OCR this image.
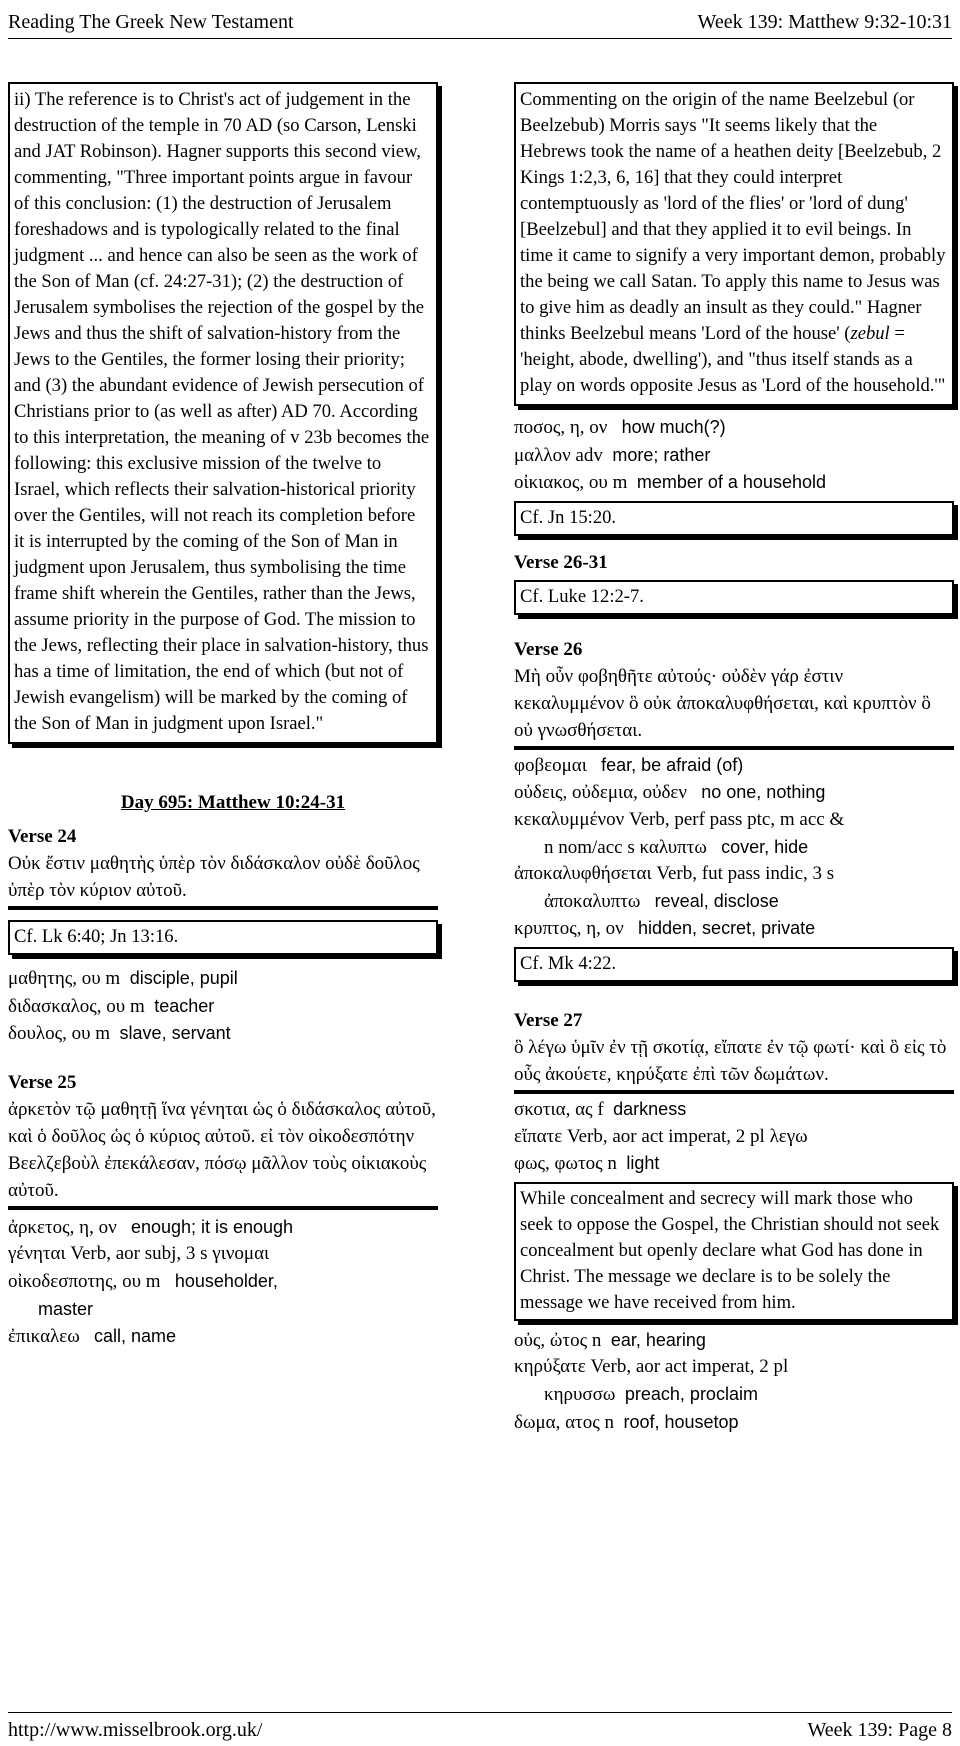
Reading The Greek New Testament	Week 139: Matthew 9:32-10:31
ii) The reference is to Christ's act of judgement in the destruction of the temple in 70 AD (so Carson, Lenski and JAT Robinson). Hagner supports this second view, commenting, "Three important points argue in favour of this conclusion: (1) the destruction of Jerusalem foreshadows and is typologically related to the final judgment ... and hence can also be seen as the work of the Son of Man (cf. 24:27-31); (2) the destruction of Jerusalem symbolises the rejection of the gospel by the Jews and thus the shift of salvation-history from the Jews to the Gentiles, the former losing their priority; and (3) the abundant evidence of Jewish persecution of Christians prior to (as well as after) AD 70. According to this interpretation, the meaning of v 23b becomes the following: this exclusive mission of the twelve to Israel, which reflects their salvation-historical priority over the Gentiles, will not reach its completion before it is interrupted by the coming of the Son of Man in judgment upon Jerusalem, thus symbolising the time frame shift wherein the Gentiles, rather than the Jews, assume priority in the purpose of God. The mission to the Jews, reflecting their place in salvation-history, thus has a time of limitation, the end of which (but not of Jewish evangelism) will be marked by the coming of the Son of Man in judgment upon Israel."
Day 695: Matthew 10:24-31
Verse 24
Οὐκ ἔστιν μαθητὴς ὑπὲρ τὸν διδάσκαλον οὐδὲ δοῦλος ὑπὲρ τὸν κύριον αὐτοῦ.
Cf. Lk 6:40; Jn 13:16.
μαθητης, ου m disciple, pupil
διδασκαλος, ου m teacher
δουλος, ου m slave, servant
Verse 25
ἀρκετὸν τῷ μαθητῇ ἵνα γένηται ὡς ὁ διδάσκαλος αὐτοῦ, καὶ ὁ δοῦλος ὡς ὁ κύριος αὐτοῦ. εἰ τὸν οἰκοδεσπότην Βεελζεβοὺλ ἐπεκάλεσαν, πόσῳ μᾶλλον τοὺς οἰκιακοὺς αὐτοῦ.
ἀρκετος, η, ον enough; it is enough
γένηται Verb, aor subj, 3 s γινομαι
οἰκοδεσποτης, ου m householder,
master
ἐπικαλεω call, name
Commenting on the origin of the name Beelzebul (or Beelzebub) Morris says "It seems likely that the Hebrews took the name of a heathen deity [Beelzebub, 2 Kings 1:2,3, 6, 16] that they could interpret contemptuously as 'lord of the flies' or 'lord of dung' [Beelzebul] and that they applied it to evil beings. In time it came to signify a very important demon, probably the being we call Satan. To apply this name to Jesus was to give him as deadly an insult as they could." Hagner thinks Beelzebul means 'Lord of the house' (zebul = 'height, abode, dwelling'), and "thus itself stands as a play on words opposite Jesus as 'Lord of the household.'"
ποσος, η, ον how much(?)
μαλλον adv more; rather
οἰκιακος, ου m member of a household
Cf. Jn 15:20.
Verse 26-31
Cf. Luke 12:2-7.
Verse 26
Μὴ οὖν φοβηθῆτε αὐτούς· οὐδὲν γάρ ἐστιν κεκαλυμμένον ὃ οὐκ ἀποκαλυφθήσεται, καὶ κρυπτὸν ὃ οὐ γνωσθήσεται.
φοβεομαι fear, be afraid (of)
οὐδεις, οὐδεμια, οὐδεν no one, nothing
κεκαλυμμένον Verb, perf pass ptc, m acc &
n nom/acc s καλυπτω cover, hide
ἀποκαλυφθήσεται Verb, fut pass indic, 3 s
ἀποκαλυπτω reveal, disclose
κρυπτος, η, ον hidden, secret, private
Cf. Mk 4:22.
Verse 27
ὃ λέγω ὑμῖν ἐν τῇ σκοτίᾳ, εἴπατε ἐν τῷ φωτί· καὶ ὃ εἰς τὸ οὖς ἀκούετε, κηρύξατε ἐπὶ τῶν δωμάτων.
σκοτια, ας f darkness
εἴπατε Verb, aor act imperat, 2 pl λεγω
φως, φωτος n light
While concealment and secrecy will mark those who seek to oppose the Gospel, the Christian should not seek concealment but openly declare what God has done in Christ. The message we declare is to be solely the message we have received from him.
οὐς, ὠτος n ear, hearing
κηρύξατε Verb, aor act imperat, 2 pl
κηρυσσω preach, proclaim
δωμα, ατος n roof, housetop
http://www.misselbrook.org.uk/	Week 139: Page 8
